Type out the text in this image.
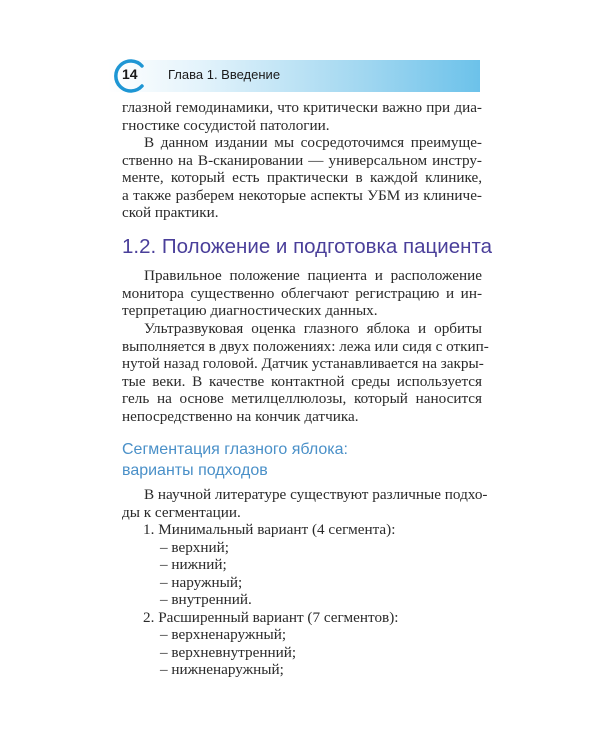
14 Глава 1. Введение
глазной гемодинамики, что критически важно при диа-
гностике сосудистой патологии.
В данном издании мы сосредоточимся преимуще-
ственно на В-сканировании — универсальном инстру-
менте, который есть практически в каждой клинике,
а также разберем некоторые аспекты УБМ из клиниче-
ской практики.
1.2. Положение и подготовка пациента
Правильное положение пациента и расположение
монитора существенно облегчают регистрацию и ин-
терпретацию диагностических данных.
Ультразвуковая оценка глазного яблока и орбиты
выполняется в двух положениях: лежа или сидя с откип-
нутой назад головой. Датчик устанавливается на закры-
тые веки. В качестве контактной среды используется
гель на основе метилцеллюлозы, который наносится
непосредственно на кончик датчика.
Сегментация глазного яблока:
варианты подходов
В научной литературе существуют различные подхо-
ды к сегментации.
1. Минимальный вариант (4 сегмента):
– верхний;
– нижний;
– наружный;
– внутренний.
2. Расширенный вариант (7 сегментов):
– верхненаружный;
– верхневнутренний;
– нижненаружный;
